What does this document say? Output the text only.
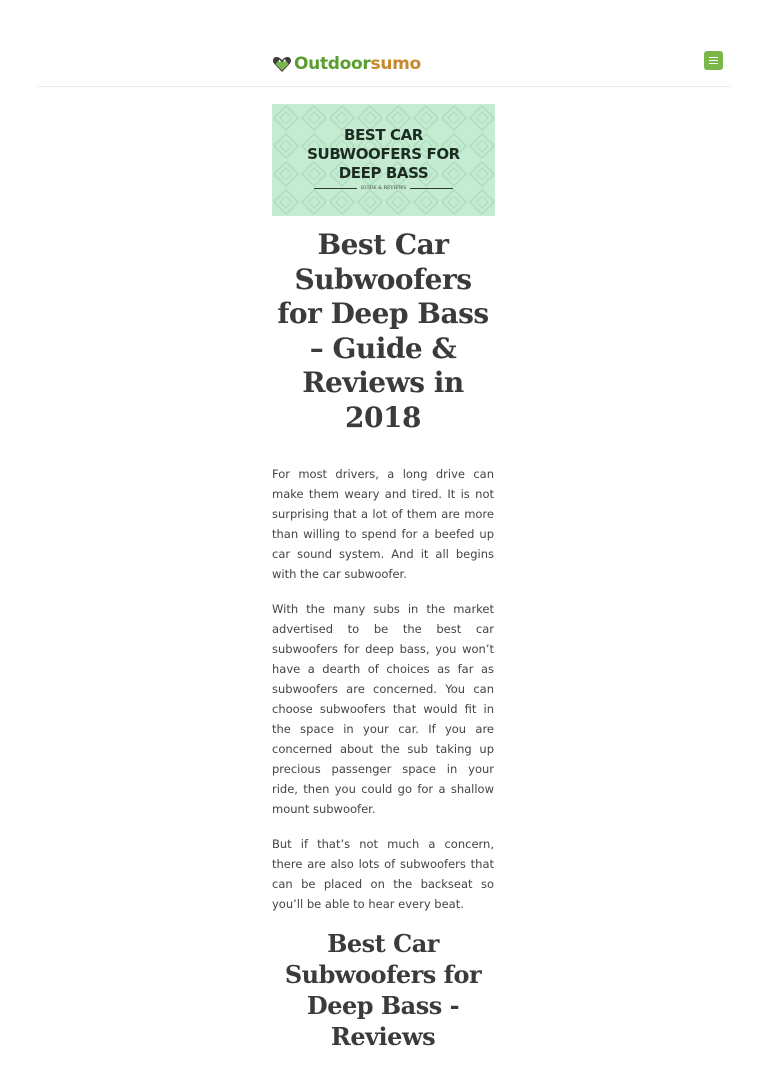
Outdoorsumo
BEST CAR
SUBWOOFERS FOR
DEEP BASS
GUIDE & REVIEWS
Best Car Subwoofers for Deep Bass – Guide & Reviews in 2018

For most drivers, a long drive can make them weary and tired. It is not surprising that a lot of them are more than willing to spend for a beefed up car sound system. And it all begins with the car subwoofer.

With the many subs in the market advertised to be the best car subwoofers for deep bass, you won’t have a dearth of choices as far as subwoofers are concerned. You can choose subwoofers that would fit in the space in your car. If you are concerned about the sub taking up precious passenger space in your ride, then you could go for a shallow mount subwoofer.

But if that’s not much a concern, there are also lots of subwoofers that can be placed on the backseat so you’ll be able to hear every beat.

Best Car Subwoofers for Deep Bass - Reviews
